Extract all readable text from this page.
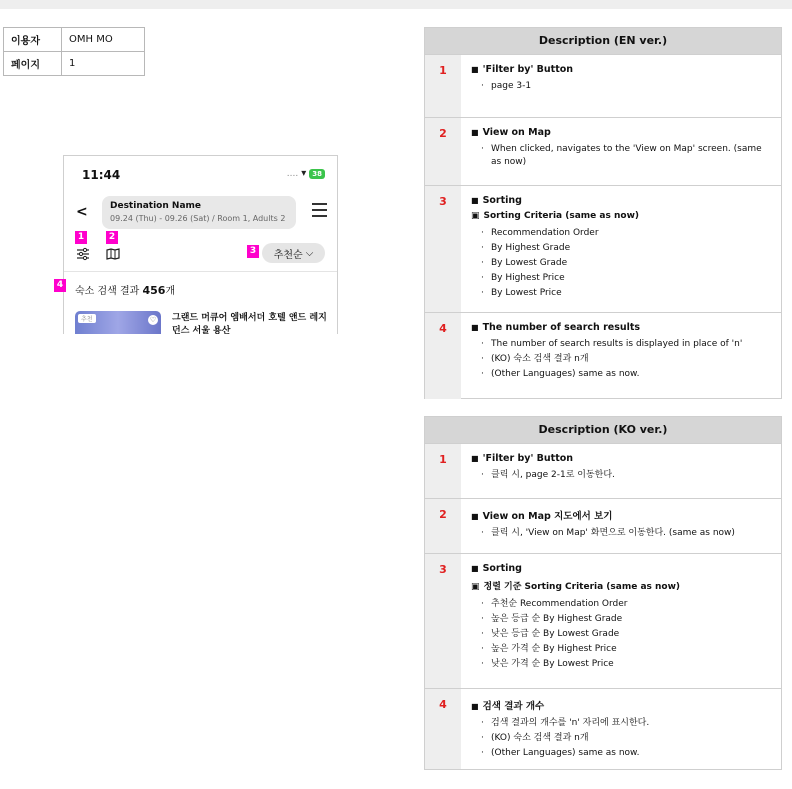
이용자	OMH MO
페이지	1
11:44	.... ▾ 38
< Destination Name
09.24 (Thu) - 09.26 (Sat) / Room 1, Adults 2
1	2
3 추천순 ⌵
숙소 검색 결과 456개
추천	♡ 그랜드 머큐어 엠배서더 호텔 앤드 레지던스 서울 용산
4
Description (EN ver.)
1	■ 'Filter by' Button
· page 3-1
2	■ View on Map
· When clicked, navigates to the 'View on Map' screen. (same as now)
3	■ Sorting
▣ Sorting Criteria (same as now)
· Recommendation Order
· By Highest Grade
· By Lowest Grade
· By Highest Price
· By Lowest Price
4	■ The number of search results
· The number of search results is displayed in place of 'n'
· (KO) 숙소 검색 결과 n개
· (Other Languages) same as now.
Description (KO ver.)
1	■ 'Filter by' Button
· 클릭 시, page 2-1로 이동한다.
2	■ View on Map 지도에서 보기
· 클릭 시, 'View on Map' 화면으로 이동한다. (same as now)
3	■ Sorting
▣ 정렬 기준 Sorting Criteria (same as now)
· 추천순 Recommendation Order
· 높은 등급 순 By Highest Grade
· 낮은 등급 순 By Lowest Grade
· 높은 가격 순 By Highest Price
· 낮은 가격 순 By Lowest Price
4	■ 검색 결과 개수
· 검색 결과의 개수를 'n' 자리에 표시한다.
· (KO) 숙소 검색 결과 n개
· (Other Languages) same as now.
